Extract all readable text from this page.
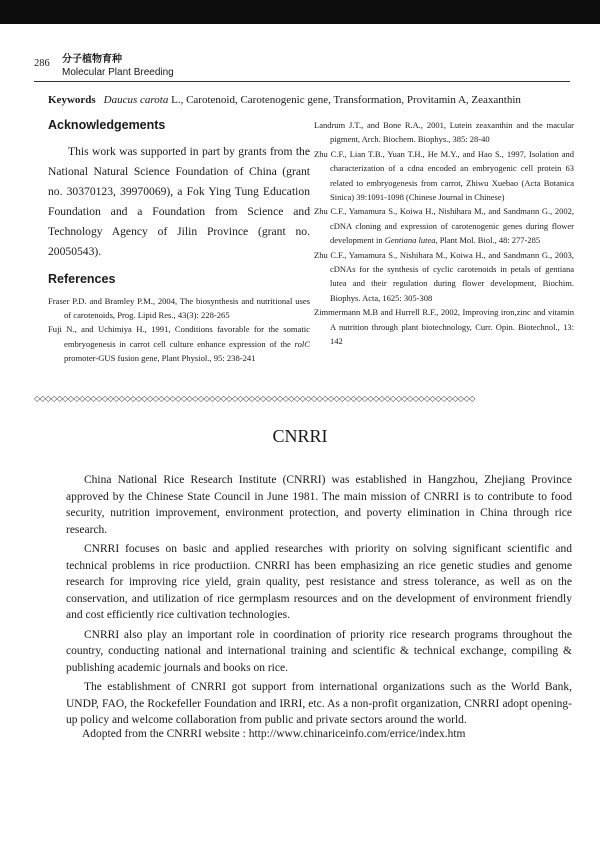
286 分子植物育种
Molecular Plant Breeding
Keywords Daucus carota L., Carotenoid, Carotenogenic gene, Transformation, Provitamin A, Zeaxanthin
Acknowledgements

This work was supported in part by grants from the National Natural Science Foundation of China (grant no. 30370123, 39970069), a Fok Ying Tung Education Foundation and a Foundation from Science and Technology Agency of Jilin Province (grant no. 20050543).

References

Fraser P.D. and Bramley P.M., 2004, The biosynthesis and nutritional uses of carotenoids, Prog. Lipid Res., 43(3): 228-265

Fuji N., and Uchimiya H., 1991, Conditions favorable for the somatic embryogenesis in carrot cell culture enhance expression of the rolC promoter-GUS fusion gene, Plant Physiol., 95: 238-241

Landrum J.T., and Bone R.A., 2001, Lutein zeaxanthin and the macular pigment, Arch. Biochem. Biophys., 385: 28-40

Zhu C.F., Lian T.B., Yuan T.H., He M.Y., and Hao S., 1997, Isolation and characterization of a cdna encoded an embryogenic cell protein 63 related to embryogenesis from carrot, Zhiwu Xuebao (Acta Botanica Sinica) 39:1091-1098 (Chinese Journal in Chinese)

Zhu C.F., Yamamura S., Koiwa H., Nishihara M., and Sandmann G., 2002, cDNA cloning and expression of carotenogenic genes during flower development in Gentiana lutea, Plant Mol. Biol., 48: 277-285

Zhu C.F., Yamamura S., Nishihara M., Koiwa H., and Sandmann G., 2003, cDNAs for the synthesis of cyclic carotenoids in petals of gentiana lutea and their regulation during flower development, Biochim. Biophys. Acta, 1625: 305-308

Zimmermann M.B and Hurrell R.F., 2002, Improving iron,zinc and vitamin A nutrition through plant biotechnology, Curr. Opin. Biotechnol., 13: 142

◇◇◇◇◇◇◇◇◇◇◇◇◇◇◇◇◇◇◇◇◇◇◇◇◇◇◇◇◇◇◇◇◇◇◇◇◇◇◇◇◇◇◇◇◇◇◇◇◇◇◇◇◇◇◇◇◇◇◇◇◇◇◇◇◇◇◇◇◇◇◇◇◇◇◇◇◇◇
CNRRI

China National Rice Research Institute (CNRRI) was established in Hangzhou, Zhejiang Province approved by the Chinese State Council in June 1981. The main mission of CNRRI is to contribute to food security, nutrition improvement, environment protection, and poverty elimination in China through rice research.

CNRRI focuses on basic and applied researches with priority on solving significant scientific and technical problems in rice productiion. CNRRI has been emphasizing an rice genetic studies and genome research for improving rice yield, grain quality, pest resistance and stress tolerance, as well as on the conservation, and utilization of rice germplasm resources and on the development of environment friendly and cost efficiently rice cultivation technologies.

CNRRI also play an important role in coordination of priority rice research programs throughout the country, conducting national and international training and scientific & technical exchange, compiling & publishing academic journals and books on rice.

The establishment of CNRRI got support from international organizations such as the World Bank, UNDP, FAO, the Rockefeller Foundation and IRRI, etc. As a non-profit organization, CNRRI adopt opening-up policy and welcome collaboration from public and private sectors around the world.

Adopted from the CNRRI website : http://www.chinariceinfo.com/errice/index.htm
